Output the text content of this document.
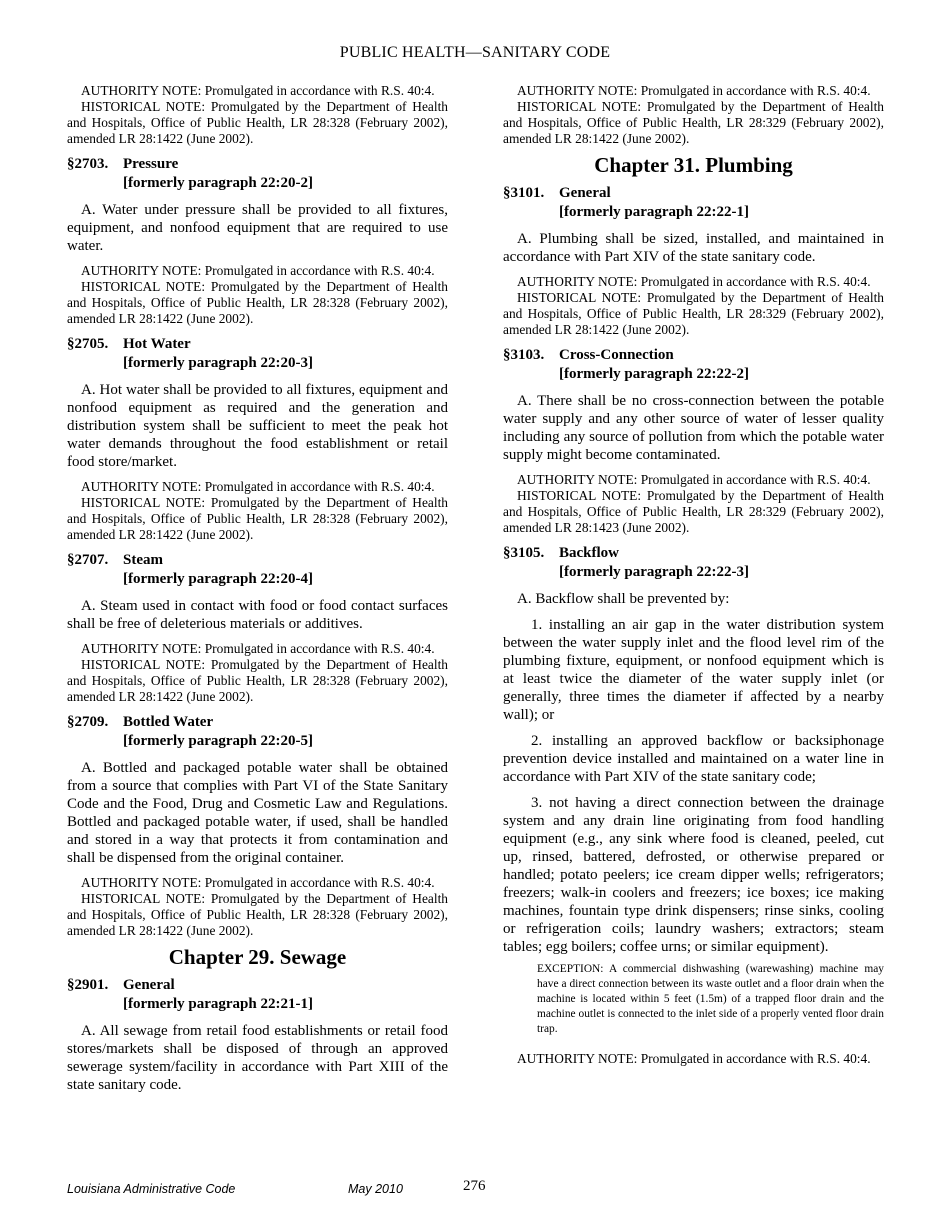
PUBLIC HEALTH—SANITARY CODE

AUTHORITY NOTE: Promulgated in accordance with R.S. 40:4.

HISTORICAL NOTE: Promulgated by the Department of Health and Hospitals, Office of Public Health, LR 28:328 (February 2002), amended LR 28:1422 (June 2002).

§2703. Pressure
[formerly paragraph 22:20-2]

A. Water under pressure shall be provided to all fixtures, equipment, and nonfood equipment that are required to use water.

AUTHORITY NOTE: Promulgated in accordance with R.S. 40:4.

HISTORICAL NOTE: Promulgated by the Department of Health and Hospitals, Office of Public Health, LR 28:328 (February 2002), amended LR 28:1422 (June 2002).

§2705. Hot Water
[formerly paragraph 22:20-3]

A. Hot water shall be provided to all fixtures, equipment and nonfood equipment as required and the generation and distribution system shall be sufficient to meet the peak hot water demands throughout the food establishment or retail food store/market.

AUTHORITY NOTE: Promulgated in accordance with R.S. 40:4.

HISTORICAL NOTE: Promulgated by the Department of Health and Hospitals, Office of Public Health, LR 28:328 (February 2002), amended LR 28:1422 (June 2002).

§2707. Steam
[formerly paragraph 22:20-4]

A. Steam used in contact with food or food contact surfaces shall be free of deleterious materials or additives.

AUTHORITY NOTE: Promulgated in accordance with R.S. 40:4.

HISTORICAL NOTE: Promulgated by the Department of Health and Hospitals, Office of Public Health, LR 28:328 (February 2002), amended LR 28:1422 (June 2002).

§2709. Bottled Water
[formerly paragraph 22:20-5]

A. Bottled and packaged potable water shall be obtained from a source that complies with Part VI of the State Sanitary Code and the Food, Drug and Cosmetic Law and Regulations. Bottled and packaged potable water, if used, shall be handled and stored in a way that protects it from contamination and shall be dispensed from the original container.

AUTHORITY NOTE: Promulgated in accordance with R.S. 40:4.

HISTORICAL NOTE: Promulgated by the Department of Health and Hospitals, Office of Public Health, LR 28:328 (February 2002), amended LR 28:1422 (June 2002).

Chapter 29. Sewage

§2901. General
[formerly paragraph 22:21-1]

A. All sewage from retail food establishments or retail food stores/markets shall be disposed of through an approved sewerage system/facility in accordance with Part XIII of the state sanitary code.

AUTHORITY NOTE: Promulgated in accordance with R.S. 40:4.

HISTORICAL NOTE: Promulgated by the Department of Health and Hospitals, Office of Public Health, LR 28:329 (February 2002), amended LR 28:1422 (June 2002).

Chapter 31. Plumbing

§3101. General
[formerly paragraph 22:22-1]

A. Plumbing shall be sized, installed, and maintained in accordance with Part XIV of the state sanitary code.

AUTHORITY NOTE: Promulgated in accordance with R.S. 40:4.

HISTORICAL NOTE: Promulgated by the Department of Health and Hospitals, Office of Public Health, LR 28:329 (February 2002), amended LR 28:1422 (June 2002).

§3103. Cross-Connection
[formerly paragraph 22:22-2]

A. There shall be no cross-connection between the potable water supply and any other source of water of lesser quality including any source of pollution from which the potable water supply might become contaminated.

AUTHORITY NOTE: Promulgated in accordance with R.S. 40:4.

HISTORICAL NOTE: Promulgated by the Department of Health and Hospitals, Office of Public Health, LR 28:329 (February 2002), amended LR 28:1423 (June 2002).

§3105. Backflow
[formerly paragraph 22:22-3]

A. Backflow shall be prevented by:

1. installing an air gap in the water distribution system between the water supply inlet and the flood level rim of the plumbing fixture, equipment, or nonfood equipment which is at least twice the diameter of the water supply inlet (or generally, three times the diameter if affected by a nearby wall); or

2. installing an approved backflow or backsiphonage prevention device installed and maintained on a water line in accordance with Part XIV of the state sanitary code;

3. not having a direct connection between the drainage system and any drain line originating from food handling equipment (e.g., any sink where food is cleaned, peeled, cut up, rinsed, battered, defrosted, or otherwise prepared or handled; potato peelers; ice cream dipper wells; refrigerators; freezers; walk-in coolers and freezers; ice boxes; ice making machines, fountain type drink dispensers; rinse sinks, cooling or refrigeration coils; laundry washers; extractors; steam tables; egg boilers; coffee urns; or similar equipment).

EXCEPTION: A commercial dishwashing (warewashing) machine may have a direct connection between its waste outlet and a floor drain when the machine is located within 5 feet (1.5m) of a trapped floor drain and the machine outlet is connected to the inlet side of a properly vented floor drain trap.

AUTHORITY NOTE: Promulgated in accordance with R.S. 40:4.

Louisiana Administrative Code	May 2010	276
